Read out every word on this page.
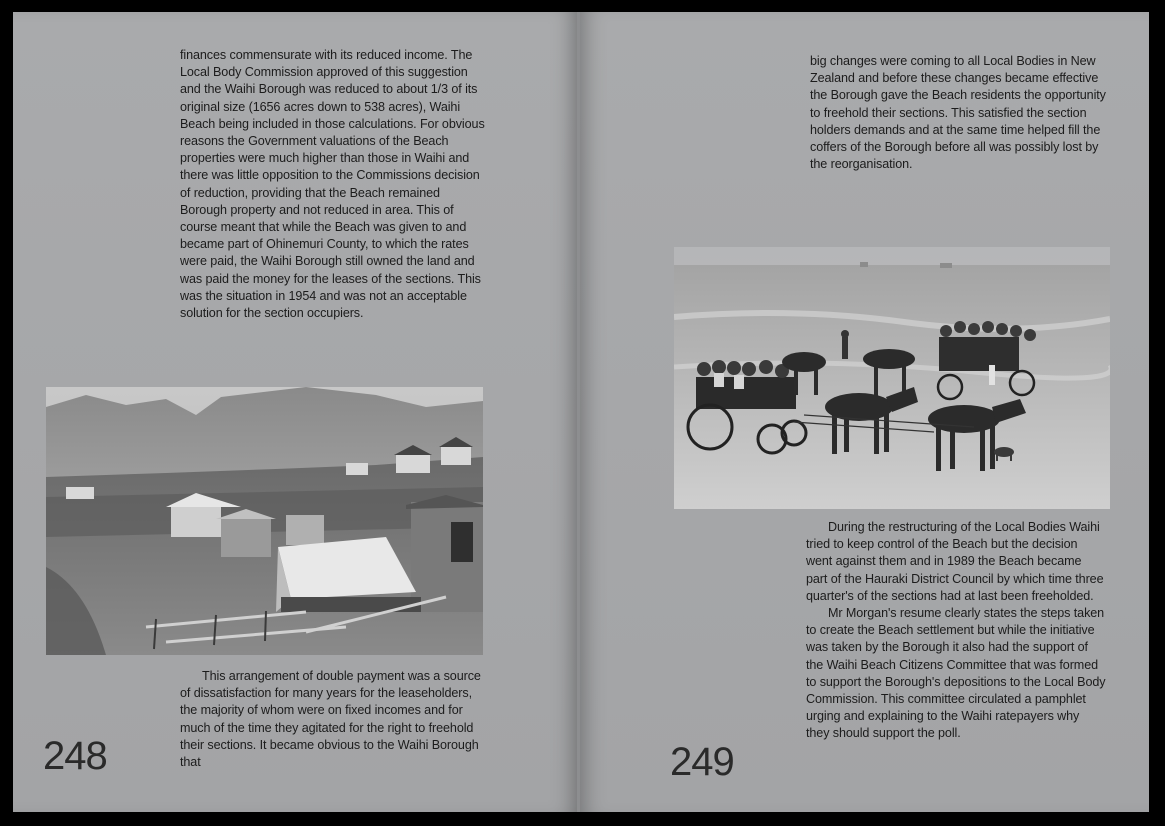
finances commensurate with its reduced income. The Local Body Commission approved of this suggestion and the Waihi Borough was reduced to about 1/3 of its original size (1656 acres down to 538 acres), Waihi Beach being included in those calculations. For obvious reasons the Government valuations of the Beach properties were much higher than those in Waihi and there was little opposition to the Commissions decision of reduction, providing that the Beach remained Borough property and not reduced in area. This of course meant that while the Beach was given to and became part of Ohinemuri County, to which the rates were paid, the Waihi Borough still owned the land and was paid the money for the leases of the sections. This was the situation in 1954 and was not an acceptable solution for the section occupiers.

This arrangement of double payment was a source of dissatisfaction for many years for the leaseholders, the majority of whom were on fixed incomes and for much of the time they agitated for the right to freehold their sections. It became obvious to the Waihi Borough that

248

big changes were coming to all Local Bodies in New Zealand and before these changes became effective the Borough gave the Beach residents the opportunity to freehold their sections. This satisfied the section holders demands and at the same time helped fill the coffers of the Borough before all was possibly lost by the reorganisation.

During the restructuring of the Local Bodies Waihi tried to keep control of the Beach but the decision went against them and in 1989 the Beach became part of the Hauraki District Council by which time three quarter's of the sections had at last been freeholded.

Mr Morgan's resume clearly states the steps taken to create the Beach settlement but while the initiative was taken by the Borough it also had the support of the Waihi Beach Citizens Committee that was formed to support the Borough's depositions to the Local Body Commission. This committee circulated a pamphlet urging and explaining to the Waihi ratepayers why they should support the poll.

249
